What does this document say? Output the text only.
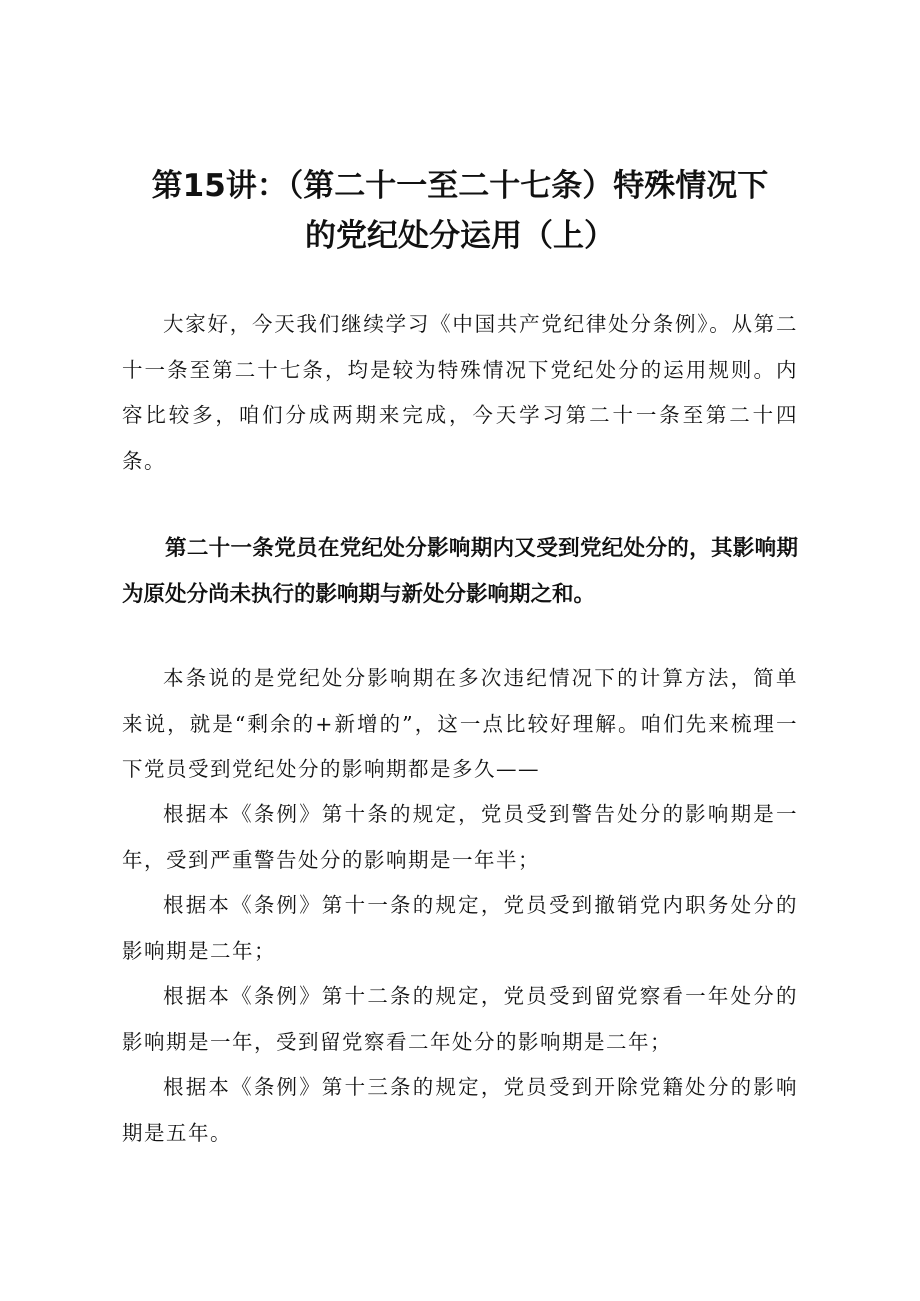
第15讲：（第二十一至二十七条）特殊情况下
的党纪处分运用（上）

大家好，今天我们继续学习《中国共产党纪律处分条例》。从第二十一条至第二十七条，均是较为特殊情况下党纪处分的运用规则。内容比较多，咱们分成两期来完成，今天学习第二十一条至第二十四条。

第二十一条党员在党纪处分影响期内又受到党纪处分的，其影响期为原处分尚未执行的影响期与新处分影响期之和。

本条说的是党纪处分影响期在多次违纪情况下的计算方法，简单来说，就是“剩余的+新增的”，这一点比较好理解。咱们先来梳理一下党员受到党纪处分的影响期都是多久——

根据本《条例》第十条的规定，党员受到警告处分的影响期是一年，受到严重警告处分的影响期是一年半；

根据本《条例》第十一条的规定，党员受到撤销党内职务处分的影响期是二年；

根据本《条例》第十二条的规定，党员受到留党察看一年处分的影响期是一年，受到留党察看二年处分的影响期是二年；

根据本《条例》第十三条的规定，党员受到开除党籍处分的影响期是五年。
